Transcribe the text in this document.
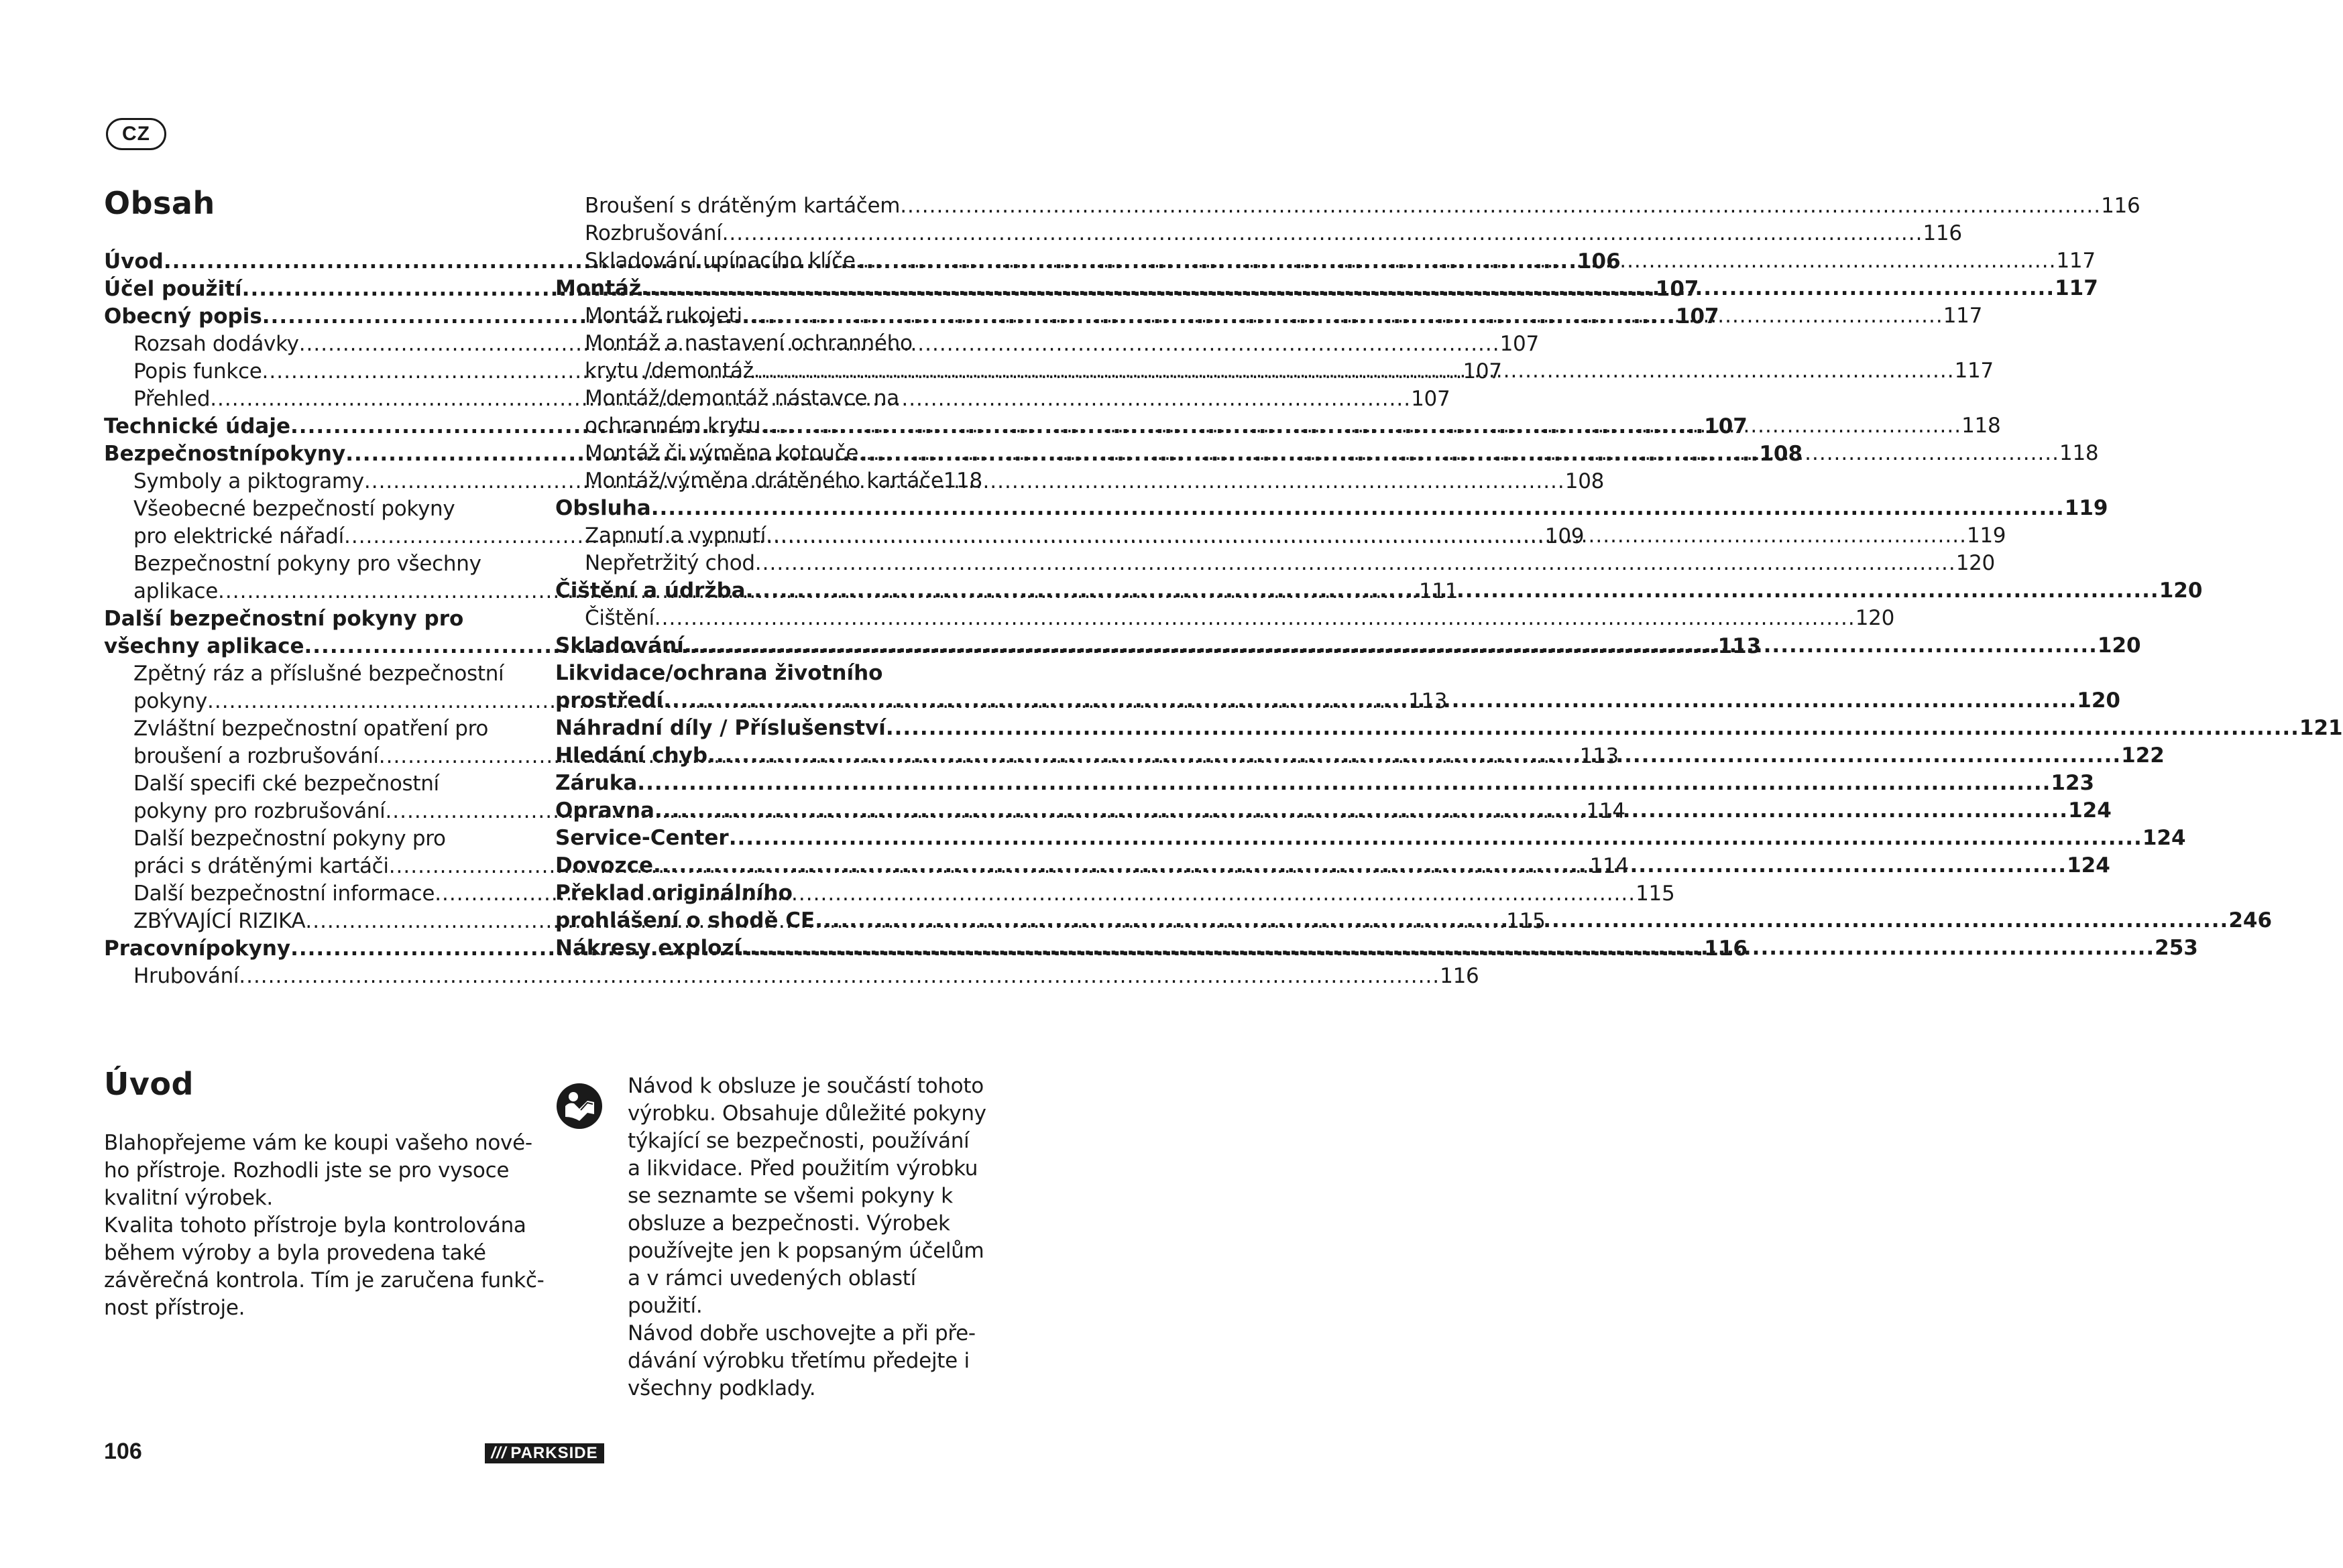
CZ
Obsah
Úvod .....	106
Účel použití .....	107
Obecný popis .....	107
Rozsah dodávky .....	107
Popis funkce .....	107
Přehled .....	107
Technické údaje .....	107
Bezpečnostnípokyny .....	108
Symboly a piktogramy .....	108
Všeobecné bezpečností pokyny
pro elektrické nářadí .....	109
Bezpečnostní pokyny pro všechny
aplikace .....	111
Další bezpečnostní pokyny pro
všechny aplikace .....	113
Zpětný ráz a příslušné bezpečnostní
pokyny .....	113
Zvláštní bezpečnostní opatření pro
broušení a rozbrušování .....	113
Další specifi cké bezpečnostní
pokyny pro rozbrušování .....	114
Další bezpečnostní pokyny pro
práci s drátěnými kartáči .....	114
Další bezpečnostní informace .....	115
ZBÝVAJÍCÍ RIZIKA .....	115
Pracovnípokyny .....	116
Hrubování .....	116
Broušení s drátěným kartáčem .....	116
Rozbrušování .....	116
Skladování upínacího klíče .....	117
Montáž .....	117
Montáž rukojeti .....	117
Montáž a nastavení ochranného
krytu /demontáž .....	117
Montáž/demontáž nástavce na
ochranném krytu .....	118
Montáž či výměna kotouče .....	118
Montáž/výměna drátěného kartáče 118
Obsluha .....	119
Zapnutí a vypnutí .....	119
Nepřetržitý chod .....	120
Čištění a údržba .....	120
Čištění .....	120
Skladování .....	120
Likvidace/ochrana životního
prostředí .....	120
Náhradní díly / Příslušenství .....	121
Hledání chyb .....	122
Záruka .....	123
Opravna .....	124
Service-Center .....	124
Dovozce .....	124
Překlad originálního
prohlášení o shodě CE .....	246
Nákresy explozí .....	253
Úvod
Blahopřejeme vám ke koupi vašeho nové-
ho přístroje. Rozhodli jste se pro vysoce
kvalitní výrobek.
Kvalita tohoto přístroje byla kontrolována
během výroby a byla provedena také
závěrečná kontrola. Tím je zaručena funkč-
nost přístroje.
Návod k obsluze je součástí tohoto
výrobku. Obsahuje důležité pokyny
týkající se bezpečnosti, používání
a likvidace. Před použitím výrobku
se seznamte se všemi pokyny k
obsluze a bezpečnosti. Výrobek
používejte jen k popsaným účelům
a v rámci uvedených oblastí
použití.
Návod dobře uschovejte a při pře-
dávání výrobku třetímu předejte i
všechny podklady.
106	/// PARKSIDE
